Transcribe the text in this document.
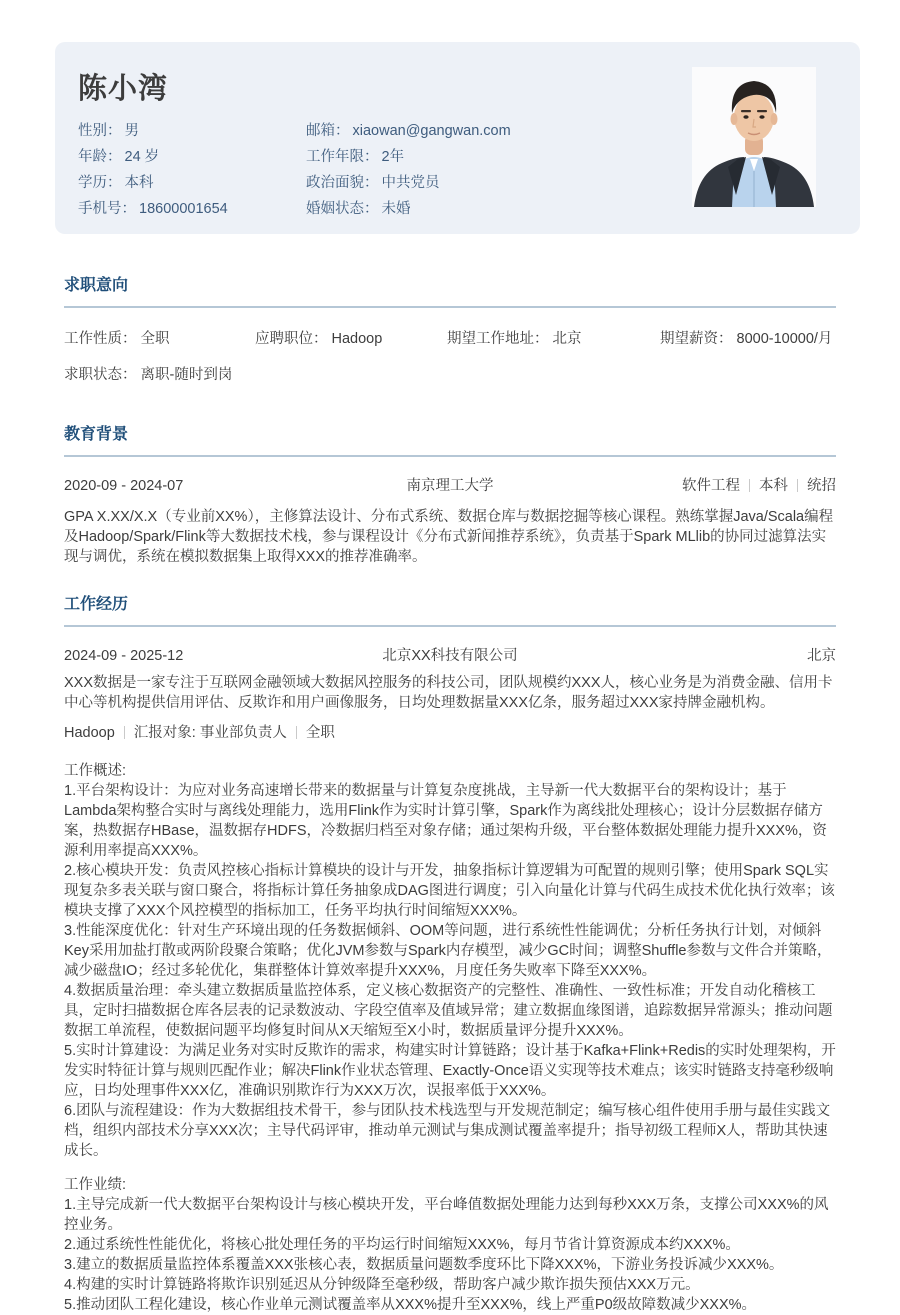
陈小湾
性别： 男
年龄： 24 岁
学历： 本科
手机号： 18600001654
邮箱： xiaowan@gangwan.com
工作年限： 2年
政治面貌： 中共党员
婚姻状态： 未婚
求职意向
工作性质： 全职	应聘职位： Hadoop	期望工作地址： 北京	期望薪资： 8000-10000/月
求职状态： 离职-随时到岗
教育背景
2020-09 - 2024-07	南京理工大学	软件工程 本科 统招
GPA X.XX/X.X（专业前XX%），主修算法设计、分布式系统、数据仓库与数据挖掘等核心课程。熟练掌握Java/Scala编程及Hadoop/Spark/Flink等大数据技术栈，参与课程设计《分布式新闻推荐系统》，负责基于Spark MLlib的协同过滤算法实现与调优，系统在模拟数据集上取得XXX的推荐准确率。
工作经历
2024-09 - 2025-12	北京XX科技有限公司	北京
XXX数据是一家专注于互联网金融领域大数据风控服务的科技公司，团队规模约XXX人，核心业务是为消费金融、信用卡中心等机构提供信用评估、反欺诈和用户画像服务，日均处理数据量XXX亿条，服务超过XXX家持牌金融机构。
Hadoop 汇报对象: 事业部负责人 全职
工作概述:
1.平台架构设计：为应对业务高速增长带来的数据量与计算复杂度挑战，主导新一代大数据平台的架构设计；基于Lambda架构整合实时与离线处理能力，选用Flink作为实时计算引擎，Spark作为离线批处理核心；设计分层数据存储方案，热数据存HBase，温数据存HDFS，冷数据归档至对象存储；通过架构升级，平台整体数据处理能力提升XXX%，资源利用率提高XXX%。
2.核心模块开发：负责风控核心指标计算模块的设计与开发，抽象指标计算逻辑为可配置的规则引擎；使用Spark SQL实现复杂多表关联与窗口聚合，将指标计算任务抽象成DAG图进行调度；引入向量化计算与代码生成技术优化执行效率；该模块支撑了XXX个风控模型的指标加工，任务平均执行时间缩短XXX%。
3.性能深度优化：针对生产环境出现的任务数据倾斜、OOM等问题，进行系统性性能调优；分析任务执行计划，对倾斜Key采用加盐打散或两阶段聚合策略；优化JVM参数与Spark内存模型，减少GC时间；调整Shuffle参数与文件合并策略，减少磁盘IO；经过多轮优化，集群整体计算效率提升XXX%，月度任务失败率下降至XXX%。
4.数据质量治理：牵头建立数据质量监控体系，定义核心数据资产的完整性、准确性、一致性标准；开发自动化稽核工具，定时扫描数据仓库各层表的记录数波动、字段空值率及值域异常；建立数据血缘图谱，追踪数据异常源头；推动问题数据工单流程，使数据问题平均修复时间从X天缩短至X小时，数据质量评分提升XXX%。
5.实时计算建设：为满足业务对实时反欺诈的需求，构建实时计算链路；设计基于Kafka+Flink+Redis的实时处理架构，开发实时特征计算与规则匹配作业；解决Flink作业状态管理、Exactly-Once语义实现等技术难点；该实时链路支持毫秒级响应，日均处理事件XXX亿，准确识别欺诈行为XXX万次，误报率低于XXX%。
6.团队与流程建设：作为大数据组技术骨干，参与团队技术栈选型与开发规范制定；编写核心组件使用手册与最佳实践文档，组织内部技术分享XXX次；主导代码评审，推动单元测试与集成测试覆盖率提升；指导初级工程师X人，帮助其快速成长。
工作业绩:
1.主导完成新一代大数据平台架构设计与核心模块开发，平台峰值数据处理能力达到每秒XXX万条，支撑公司XXX%的风控业务。
2.通过系统性性能优化，将核心批处理任务的平均运行时间缩短XXX%，每月节省计算资源成本约XXX%。
3.建立的数据质量监控体系覆盖XXX张核心表，数据质量问题数季度环比下降XXX%，下游业务投诉减少XXX%。
4.构建的实时计算链路将欺诈识别延迟从分钟级降至毫秒级，帮助客户减少欺诈损失预估XXX万元。
5.推动团队工程化建设，核心作业单元测试覆盖率从XXX%提升至XXX%，线上严重P0级故障数减少XXX%。
